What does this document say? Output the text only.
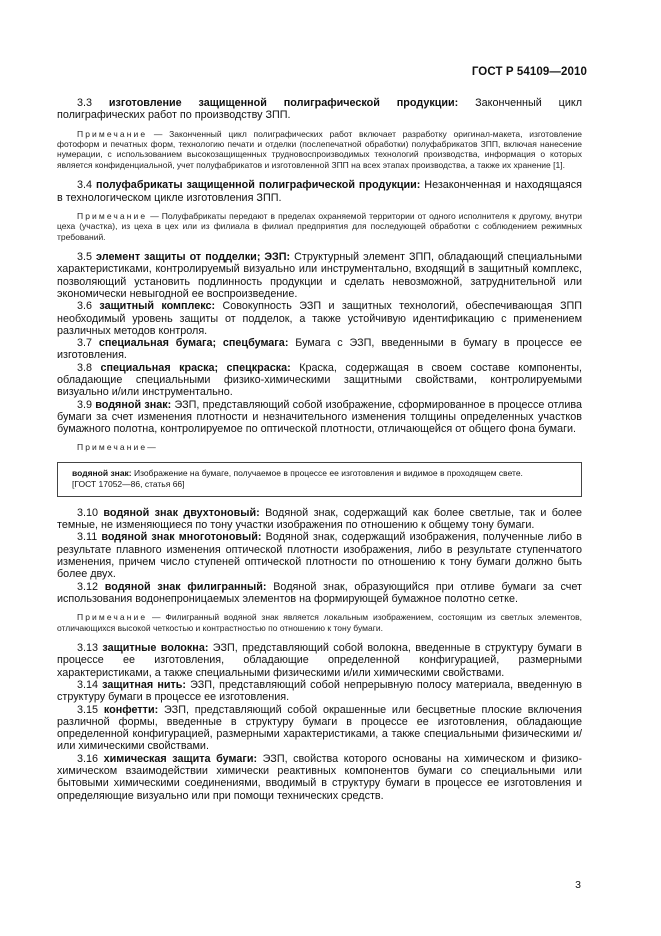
ГОСТ Р 54109—2010

3.3 изготовление защищенной полиграфической продукции: Законченный цикл полиграфических работ по производству ЗПП.

Примечание — Законченный цикл полиграфических работ включает разработку оригинал-макета, изготовление фотоформ и печатных форм, технологию печати и отделки (послепечатной обработки) полуфабрикатов ЗПП, включая нанесение нумерации, с использованием высокозащищенных трудновоспроизводимых технологий производства, информация о которых является конфиденциальной, учет полуфабрикатов и изготовленной ЗПП на всех этапах производства, а также их хранение [1].

3.4 полуфабрикаты защищенной полиграфической продукции: Незаконченная и находящаяся в технологическом цикле изготовления ЗПП.

Примечание — Полуфабрикаты передают в пределах охраняемой территории от одного исполнителя к другому, внутри цеха (участка), из цеха в цех или из филиала в филиал предприятия для последующей обработки с соблюдением режимных требований.

3.5 элемент защиты от подделки; ЭЗП: Структурный элемент ЗПП, обладающий специальными характеристиками, контролируемый визуально или инструментально, входящий в защитный комплекс, позволяющий установить подлинность продукции и сделать невозможной, затруднительной или экономически невыгодной ее воспроизведение.

3.6 защитный комплекс: Совокупность ЭЗП и защитных технологий, обеспечивающая ЗПП необходимый уровень защиты от подделок, а также устойчивую идентификацию с применением различных методов контроля.

3.7 специальная бумага; спецбумага: Бумага с ЭЗП, введенными в бумагу в процессе ее изготовления.

3.8 специальная краска; спецкраска: Краска, содержащая в своем составе компоненты, обладающие специальными физико-химическими защитными свойствами, контролируемыми визуально и/или инструментально.

3.9 водяной знак: ЭЗП, представляющий собой изображение, сформированное в процессе отлива бумаги за счет изменения плотности и незначительного изменения толщины определенных участков бумажного полотна, контролируемое по оптической плотности, отличающейся от общего фона бумаги.

Примечание—

водяной знак: Изображение на бумаге, получаемое в процессе ее изготовления и видимое в проходящем свете.
[ГОСТ 17052—86, статья 66]

3.10 водяной знак двухтоновый: Водяной знак, содержащий как более светлые, так и более темные, не изменяющиеся по тону участки изображения по отношению к общему тону бумаги.

3.11 водяной знак многотоновый: Водяной знак, содержащий изображения, полученные либо в результате плавного изменения оптической плотности изображения, либо в результате ступенчатого изменения, причем число ступеней оптической плотности по отношению к тону бумаги должно быть более двух.

3.12 водяной знак филигранный: Водяной знак, образующийся при отливе бумаги за счет использования водонепроницаемых элементов на формирующей бумажное полотно сетке.

Примечание — Филигранный водяной знак является локальным изображением, состоящим из светлых элементов, отличающихся высокой четкостью и контрастностью по отношению к тону бумаги.

3.13 защитные волокна: ЭЗП, представляющий собой волокна, введенные в структуру бумаги в процессе ее изготовления, обладающие определенной конфигурацией, размерными характеристиками, а также специальными физическими и/или химическими свойствами.

3.14 защитная нить: ЭЗП, представляющий собой непрерывную полосу материала, введенную в структуру бумаги в процессе ее изготовления.

3.15 конфетти: ЭЗП, представляющий собой окрашенные или бесцветные плоские включения различной формы, введенные в структуру бумаги в процессе ее изготовления, обладающие определенной конфигурацией, размерными характеристиками, а также специальными физическими и/или химическими свойствами.

3.16 химическая защита бумаги: ЭЗП, свойства которого основаны на химическом и физико-химическом взаимодействии химически реактивных компонентов бумаги со специальными или бытовыми химическими соединениями, вводимый в структуру бумаги в процессе ее изготовления и определяющие визуально или при помощи технических средств.

3
